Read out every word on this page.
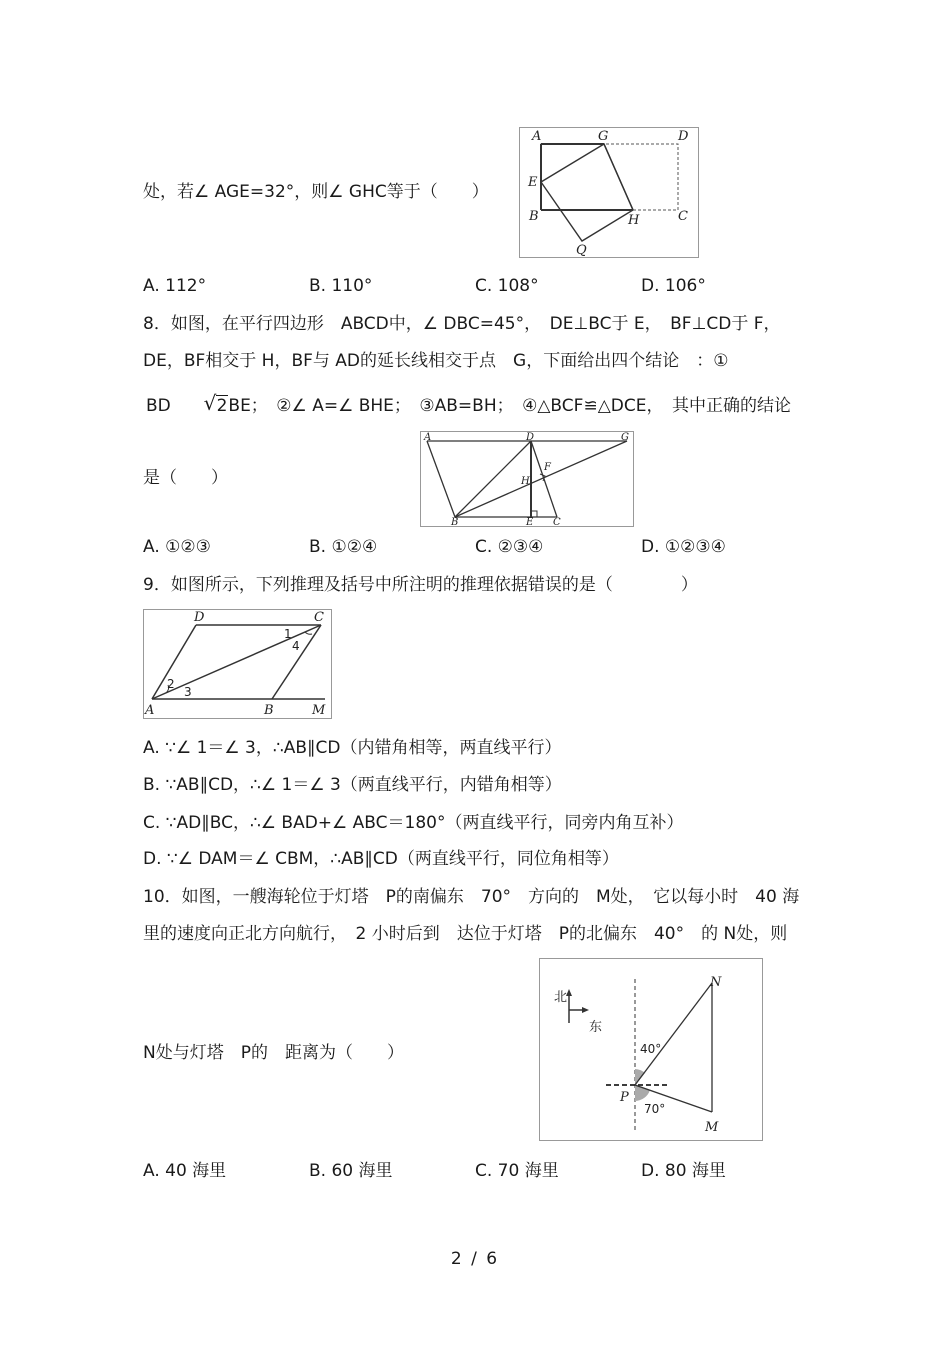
处，若∠ AGE=32°，则∠ GHC等于（　　）
A	G	D
E
B	H	C
Q
A. 112°	B. 110°	C. 108°	D. 106°
8．如图，在平行四边形　ABCD中，∠ DBC=45°，　DE⊥BC于 E，　BF⊥CD于 F，
DE，BF相交于 H，BF与 AD的延长线相交于点　G，下面给出四个结论　：①
BD √ 2BE；　②∠ A=∠ BHE；　③AB=BH；　④△BCF≌△DCE，　其中正确的结论
A	D	G
F
H
B	E C
是（　　）
A. ①②③	B. ①②④	C. ②③④	D. ①②③④
9．如图所示，下列推理及括号中所注明的推理依据错误的是（　　　　）
D	C
A	B	M
1
2
3
4
A. ∵∠ 1＝∠ 3，∴AB∥CD（内错角相等，两直线平行）
B. ∵AB∥CD，∴∠ 1＝∠ 3（两直线平行，内错角相等）
C. ∵AD∥BC，∴∠ BAD+∠ ABC＝180°（两直线平行，同旁内角互补）
D. ∵∠ DAM＝∠ CBM，∴AB∥CD（两直线平行，同位角相等）
10．如图，一艘海轮位于灯塔　P的南偏东　70°　方向的　M处，　它以每小时　40 海
里的速度向正北方向航行，　2 小时后到　达位于灯塔　P的北偏东　40°　的 N处，则
北
东
N
P
M
40°
70°
N处与灯塔　P的　距离为（　　）
A. 40 海里	B. 60 海里	C. 70 海里	D. 80 海里
2 / 6
